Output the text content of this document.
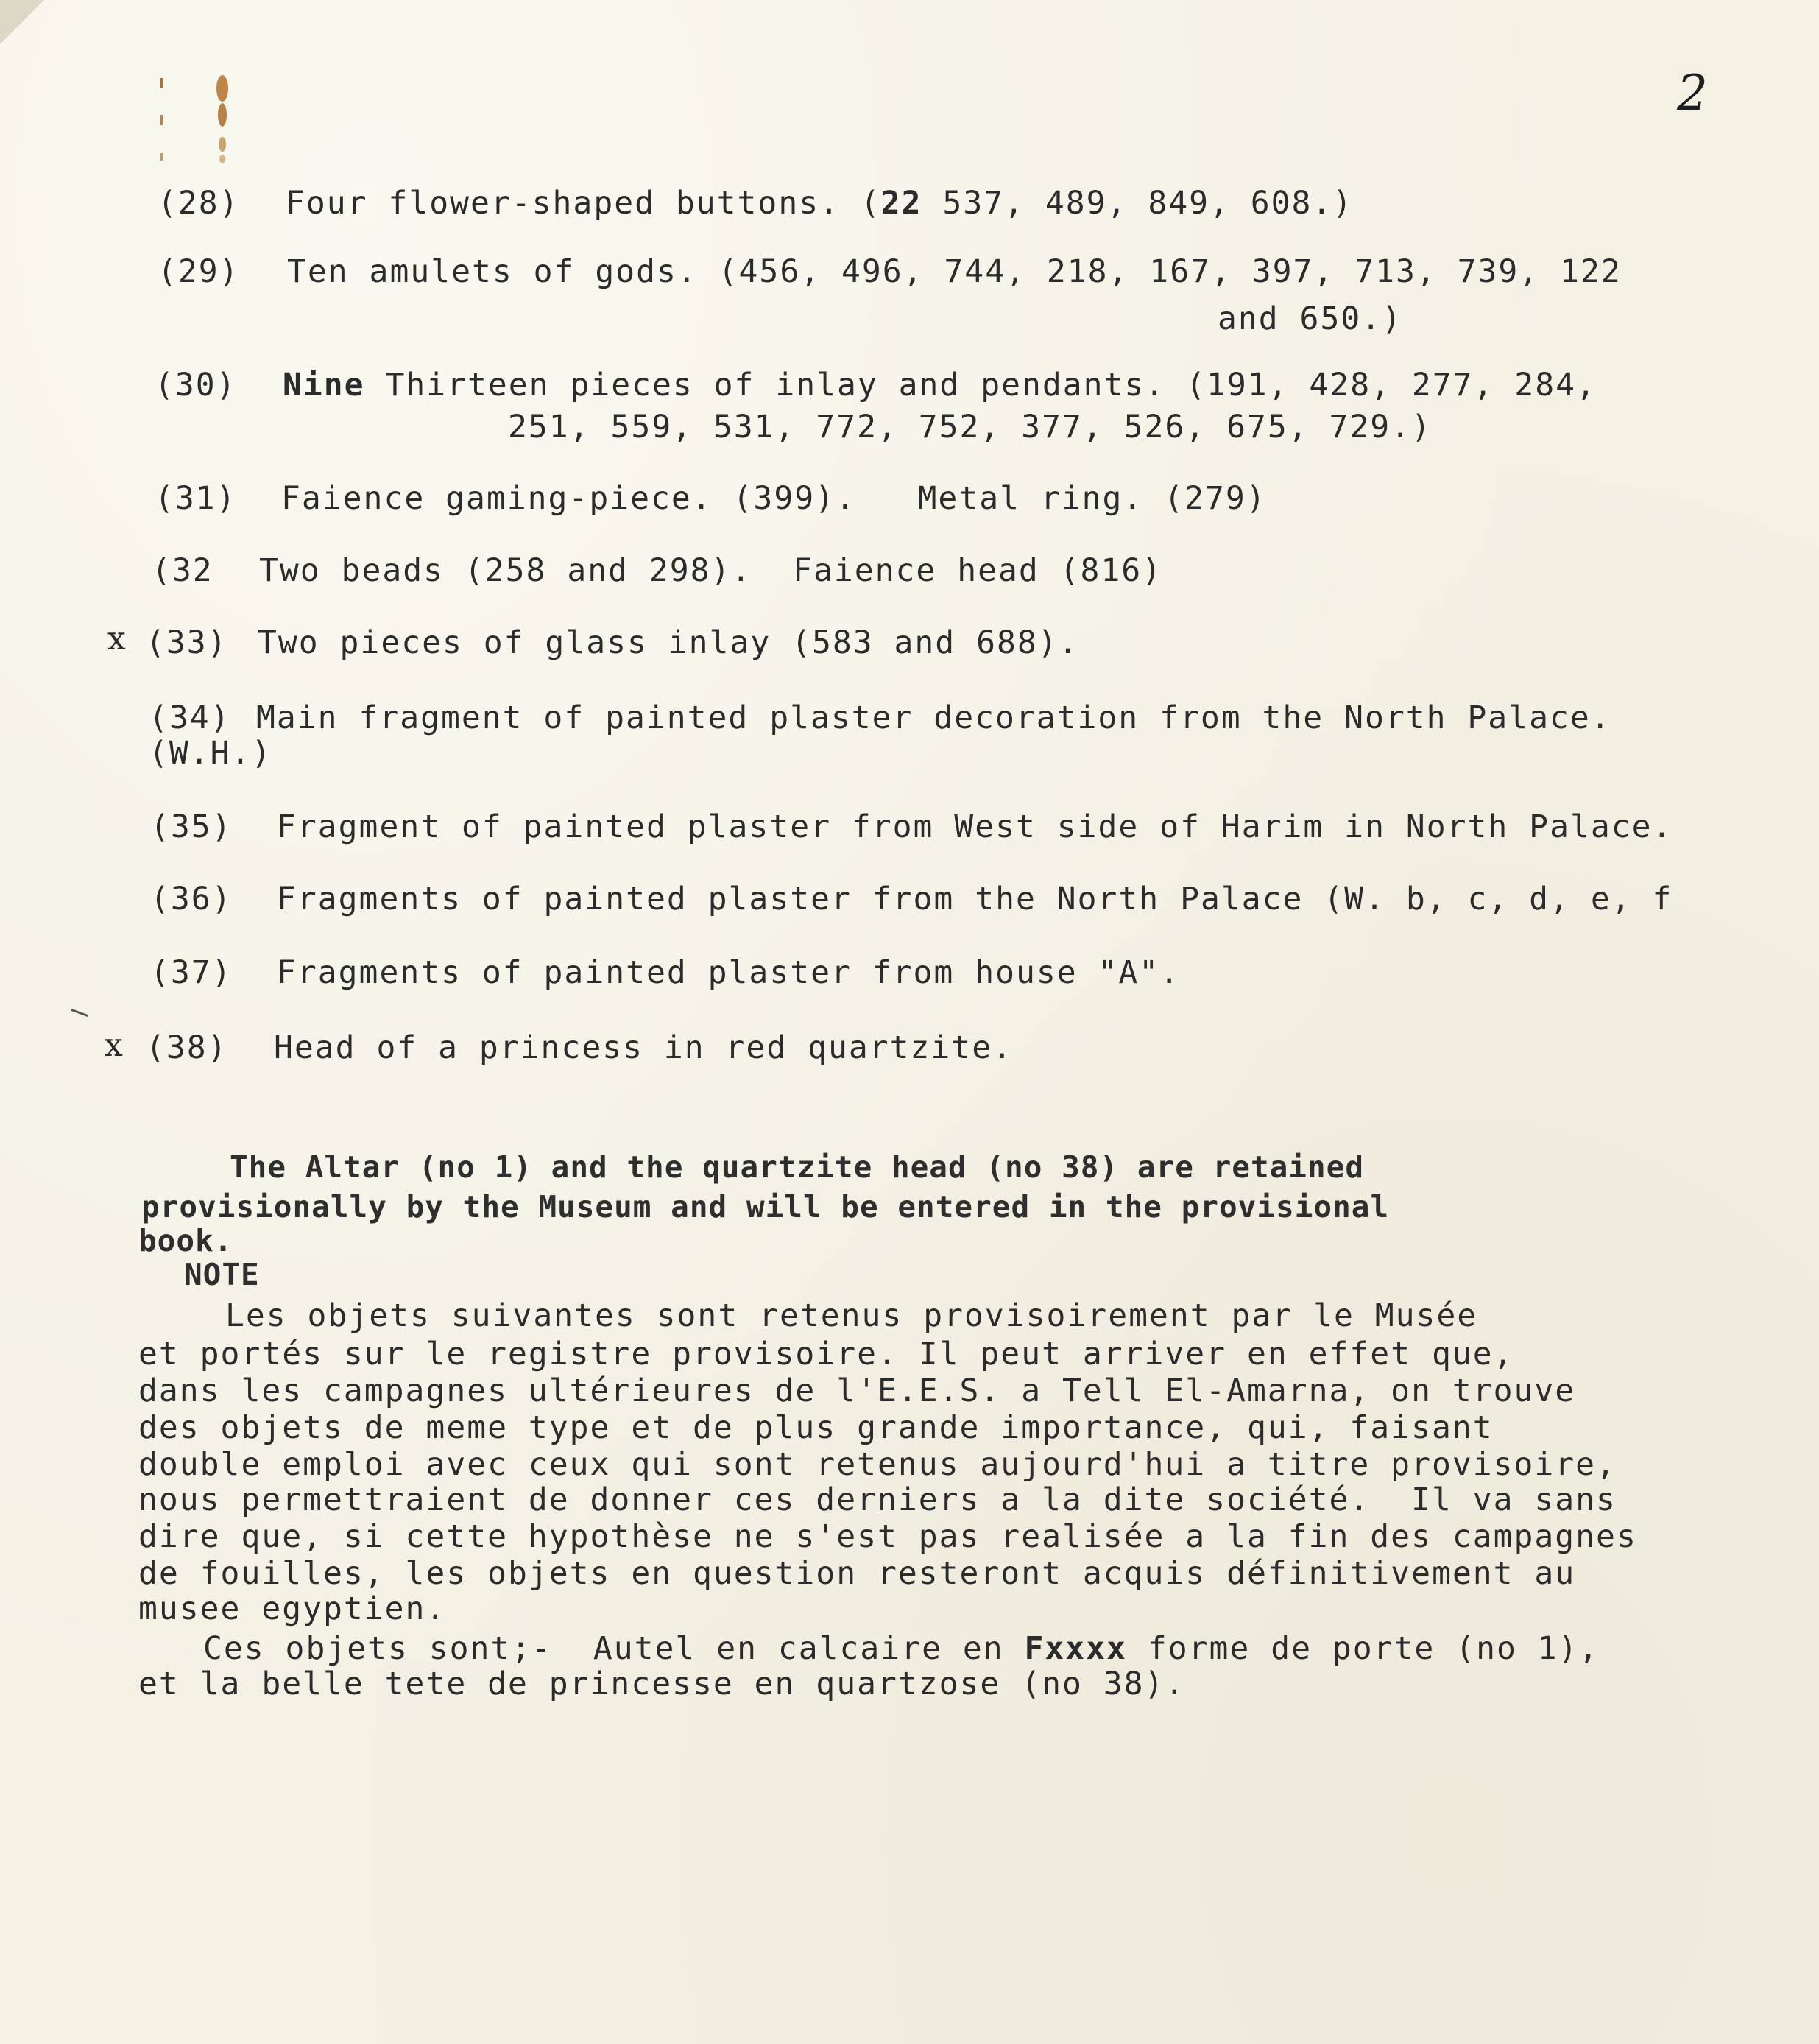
2

(28) Four flower-shaped buttons. (22 537, 489, 849, 608.)

(29) Ten amulets of gods. (456, 496, 744, 218, 167, 397, 713, 739, 122

and 650.)

(30) Nine Thirteen pieces of inlay and pendants. (191, 428, 277, 284,

251, 559, 531, 772, 752, 377, 526, 675, 729.)

(31) Faience gaming-piece. (399).   Metal ring. (279)

(32 Two beads (258 and 298).  Faience head (816)

x (33) Two pieces of glass inlay (583 and 688).

(34) Main fragment of painted plaster decoration from the North Palace.

(W.H.)

(35) Fragment of painted plaster from West side of Harim in North Palace.

(36) Fragments of painted plaster from the North Palace (W. b, c, d, e, f

(37) Fragments of painted plaster from house "A".

x (38) Head of a princess in red quartzite.

The Altar (no 1) and the quartzite head (no 38) are retained

provisionally by the Museum and will be entered in the provisional

book.

NOTE

Les objets suivantes sont retenus provisoirement par le Musée

et portés sur le registre provisoire. Il peut arriver en effet que,

dans les campagnes ultérieures de l'E.E.S. a Tell El-Amarna, on trouve

des objets de meme type et de plus grande importance, qui, faisant

double emploi avec ceux qui sont retenus aujourd'hui a titre provisoire,

nous permettraient de donner ces derniers a la dite société.  Il va sans

dire que, si cette hypothèse ne s'est pas realisée a la fin des campagnes

de fouilles, les objets en question resteront acquis définitivement au

musee egyptien.

Ces objets sont;-  Autel en calcaire en Fxxxx forme de porte (no 1),

et la belle tete de princesse en quartzose (no 38).
